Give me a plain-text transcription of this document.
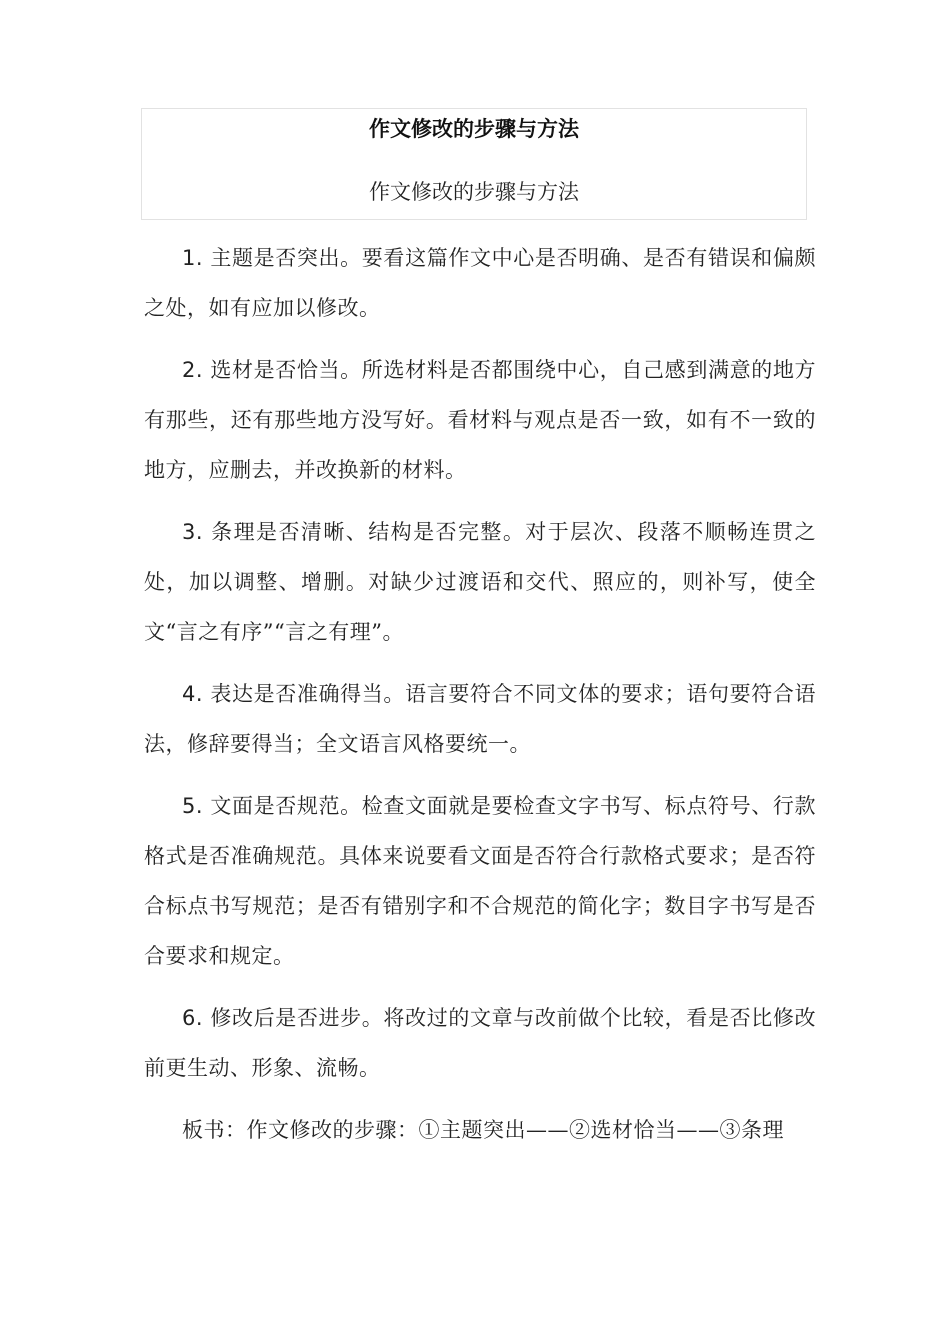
作文修改的步骤与方法
作文修改的步骤与方法

1. 主题是否突出。要看这篇作文中心是否明确、是否有错误和偏颇之处，如有应加以修改。

2. 选材是否恰当。所选材料是否都围绕中心，自己感到满意的地方有那些，还有那些地方没写好。看材料与观点是否一致，如有不一致的地方，应删去，并改换新的材料。

3. 条理是否清晰、结构是否完整。对于层次、段落不顺畅连贯之处，加以调整、增删。对缺少过渡语和交代、照应的，则补写，使全文“言之有序”“言之有理”。

4. 表达是否准确得当。语言要符合不同文体的要求；语句要符合语法，修辞要得当；全文语言风格要统一。

5. 文面是否规范。检查文面就是要检查文字书写、标点符号、行款格式是否准确规范。具体来说要看文面是否符合行款格式要求；是否符合标点书写规范；是否有错别字和不合规范的简化字；数目字书写是否合要求和规定。

6. 修改后是否进步。将改过的文章与改前做个比较，看是否比修改前更生动、形象、流畅。

板书：作文修改的步骤：①主题突出——②选材恰当——③条理
